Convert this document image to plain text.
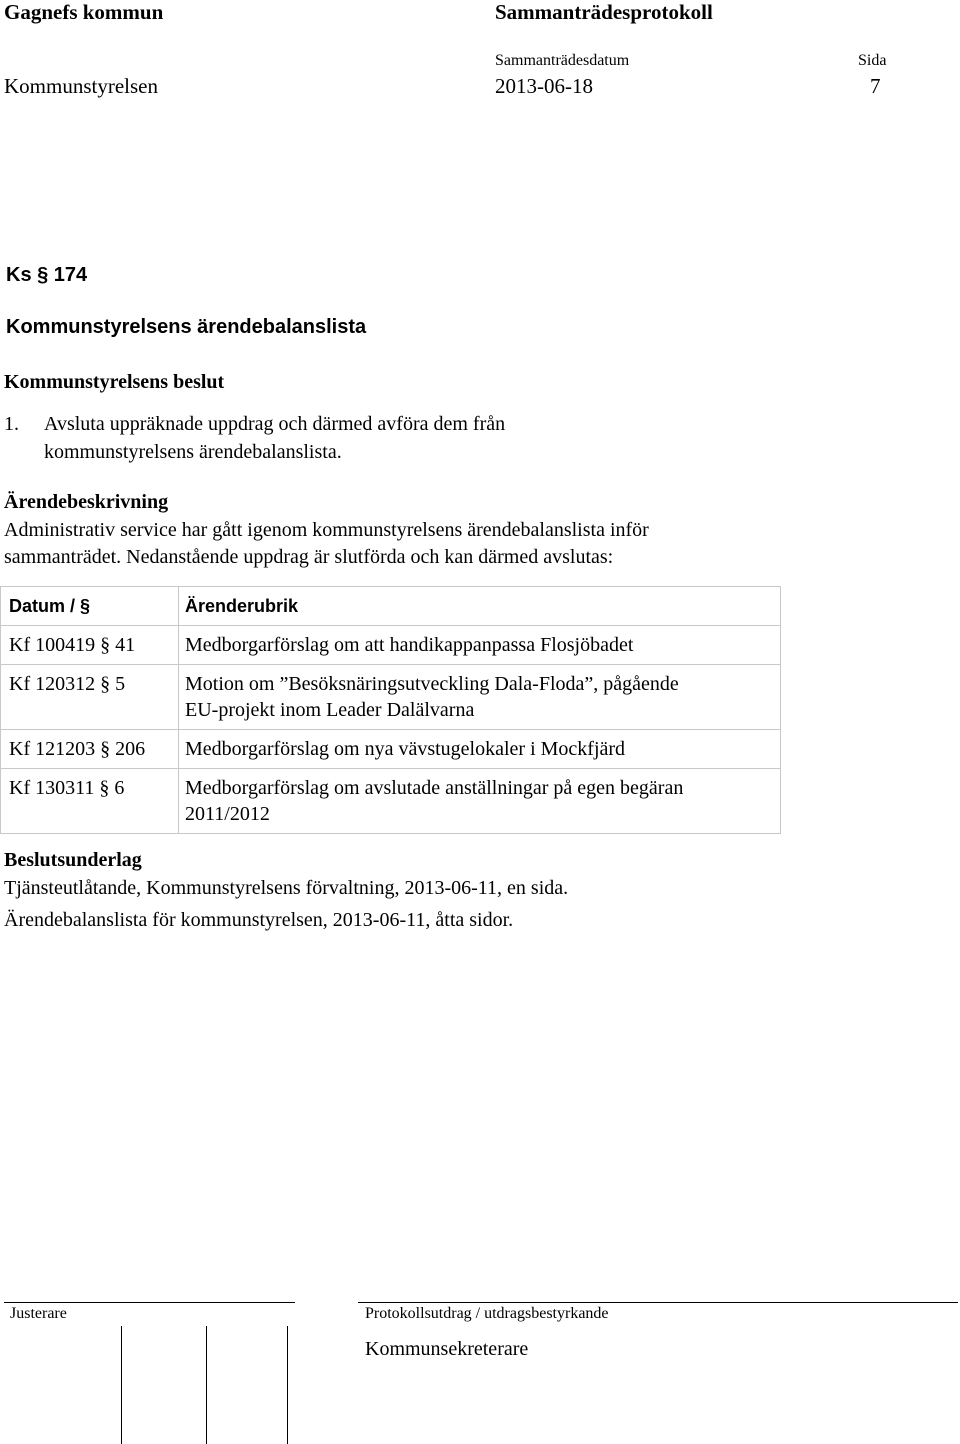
Gagnefs kommun	Sammanträdesprotokoll
Sammanträdesdatum	Sida
Kommunstyrelsen	2013-06-18	7
Ks § 174
Kommunstyrelsens ärendebalanslista
Kommunstyrelsens beslut
1. Avsluta uppräknade uppdrag och därmed avföra dem från
kommunstyrelsens ärendebalanslista.
Ärendebeskrivning
Administrativ service har gått igenom kommunstyrelsens ärendebalanslista inför
sammanträdet. Nedanstående uppdrag är slutförda och kan därmed avslutas:
Datum / §	Ärenderubrik
Kf 100419 § 41	Medborgarförslag om att handikappanpassa Flosjöbadet

Kf 120312 § 5	Motion om ”Besöksnäringsutveckling Dala-Floda”, pågående
EU-projekt inom Leader Dalälvarna

Kf 121203 § 206	Medborgarförslag om nya vävstugelokaler i Mockfjärd

Kf 130311 § 6	Medborgarförslag om avslutade anställningar på egen begäran
2011/2012
Beslutsunderlag
Tjänsteutlåtande, Kommunstyrelsens förvaltning, 2013-06-11, en sida.
Ärendebalanslista för kommunstyrelsen, 2013-06-11, åtta sidor.
Justerare	Protokollsutdrag / utdragsbestyrkande
Kommunsekreterare
